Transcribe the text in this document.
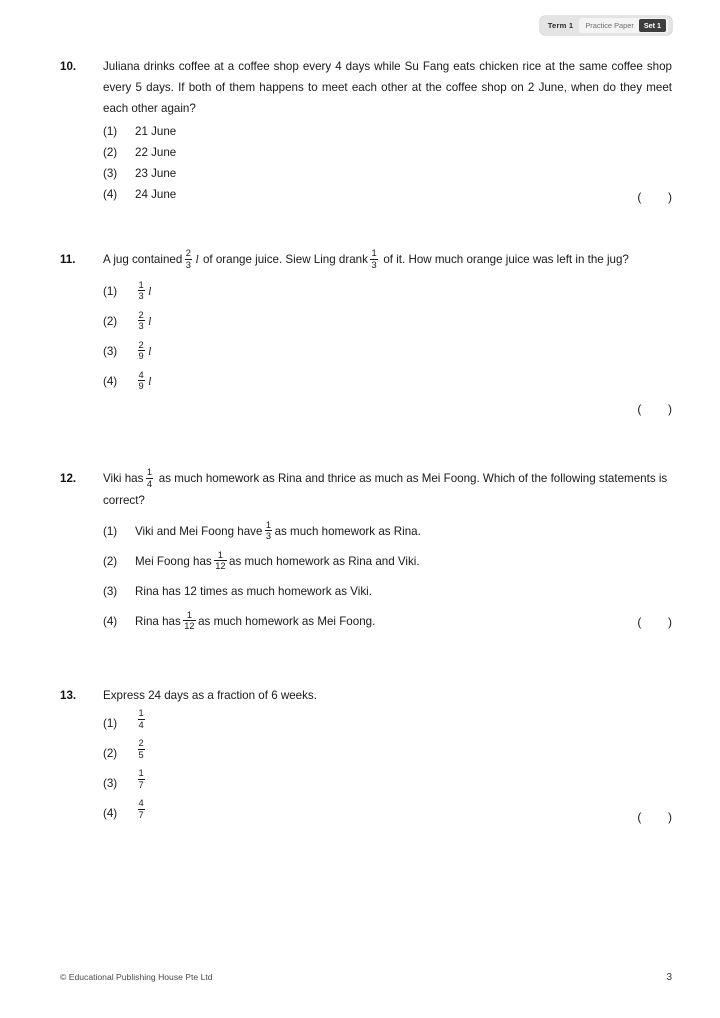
Term 1	Practice Paper	Set 1
10.	Juliana drinks coffee at a coffee shop every 4 days while Su Fang eats chicken rice at the same coffee shop every 5 days. If both of them happens to meet each other at the coffee shop on 2 June, when do they meet each other again?
(1)	21 June
(2)	22 June
(3)	23 June
(4)	24 June	(        )
11.	A jug contained $\frac{2}{3}$ l of orange juice. Siew Ling drank $\frac{1}{3}$ of it. How much orange juice was left in the jug?
(1)	$\frac{1}{3}$ l
(2)	$\frac{2}{3}$ l
(3)	$\frac{2}{9}$ l
(4)	$\frac{4}{9}$ l
(        )
12.	Viki has $\frac{1}{4}$ as much homework as Rina and thrice as much as Mei Foong. Which of the following statements is correct?
(1)	Viki and Mei Foong have $\frac{1}{3}$ as much homework as Rina.
(2)	Mei Foong has $\frac{1}{12}$ as much homework as Rina and Viki.
(3)	Rina has 12 times as much homework as Viki.
(4)	Rina has $\frac{1}{12}$ as much homework as Mei Foong.	(        )
13.	Express 24 days as a fraction of 6 weeks.
(1)	$\frac{1}{4}$
(2)	$\frac{2}{5}$
(3)	$\frac{1}{7}$
(4)	$\frac{4}{7}$	(        )
© Educational Publishing House Pte Ltd	3
